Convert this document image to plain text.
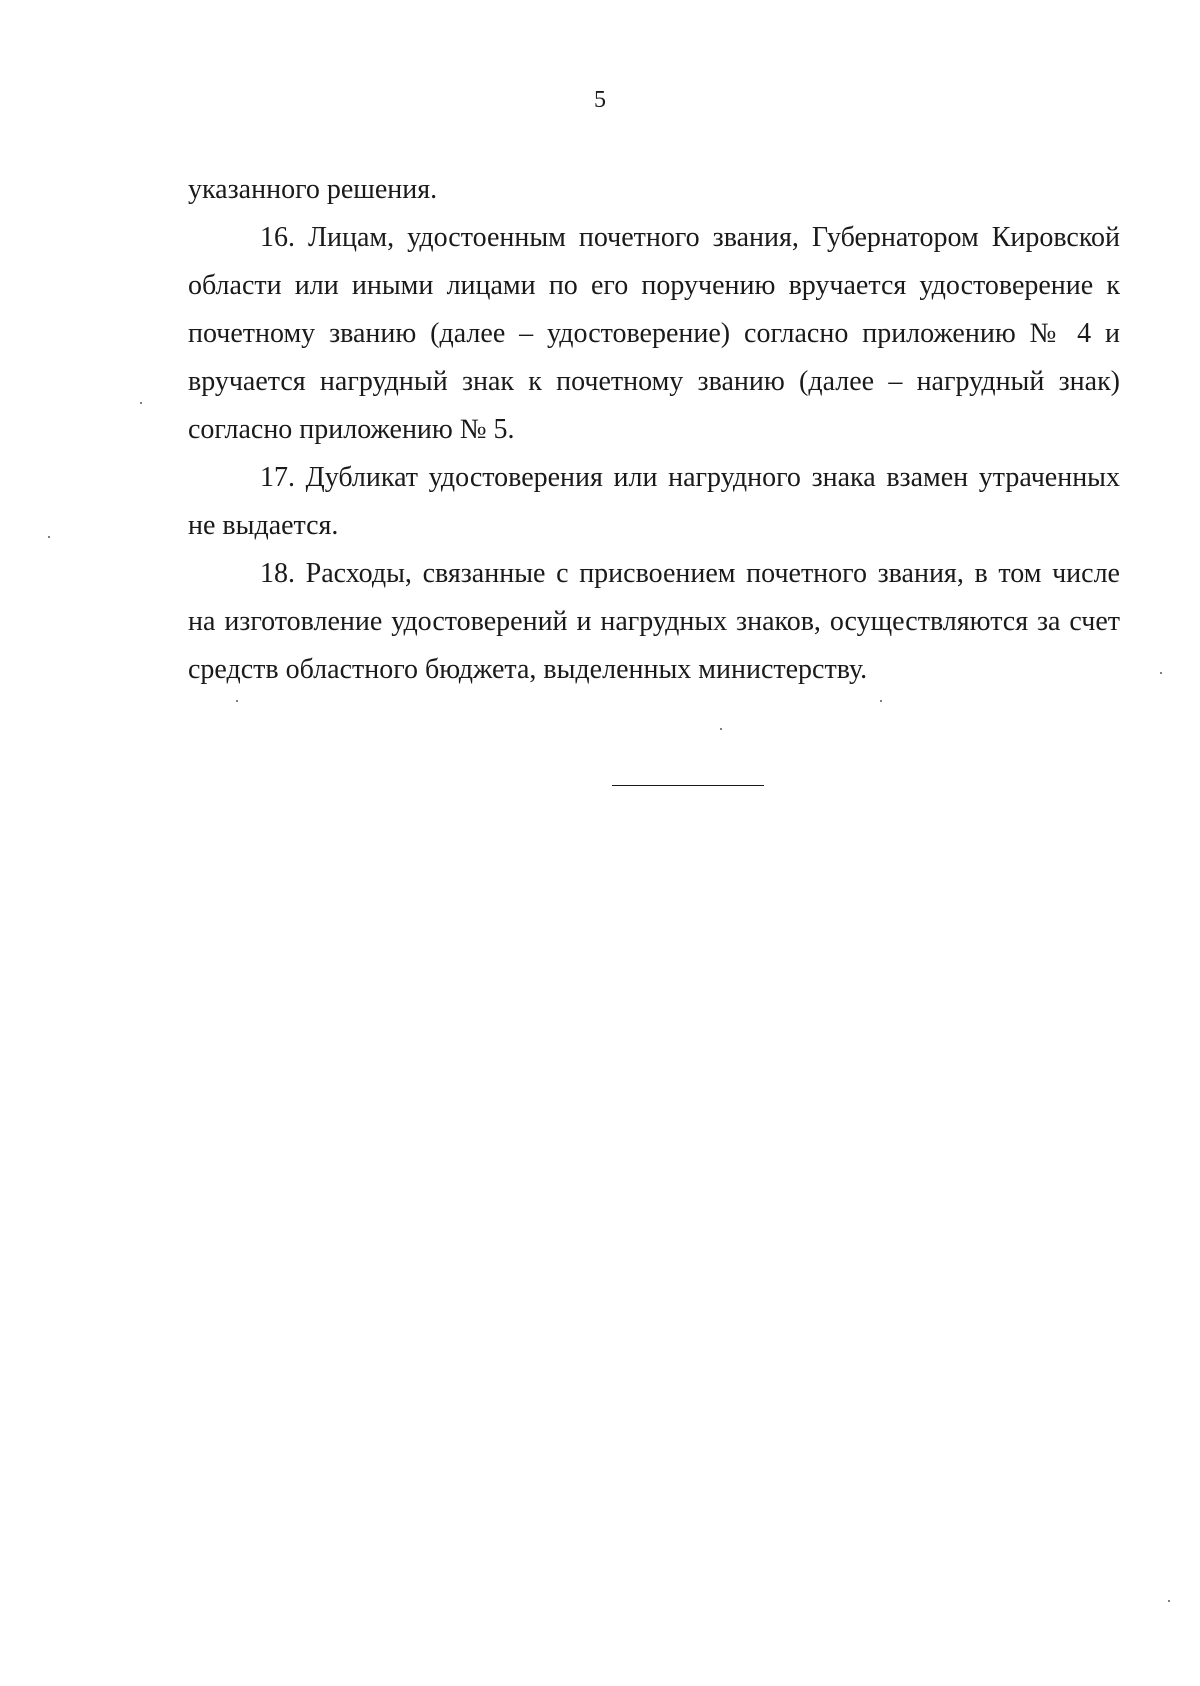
5

указанного решения.

16. Лицам, удостоенным почетного звания, Губернатором Кировской области или иными лицами по его поручению вручается удостоверение к почетному званию (далее – удостоверение) согласно приложению № 4 и вручается нагрудный знак к почетному званию (далее – нагрудный знак) согласно приложению № 5.

17. Дубликат удостоверения или нагрудного знака взамен утраченных не выдается.

18. Расходы, связанные с присвоением почетного звания, в том числе на изготовление удостоверений и нагрудных знаков, осуществляются за счет средств областного бюджета, выделенных министерству.
